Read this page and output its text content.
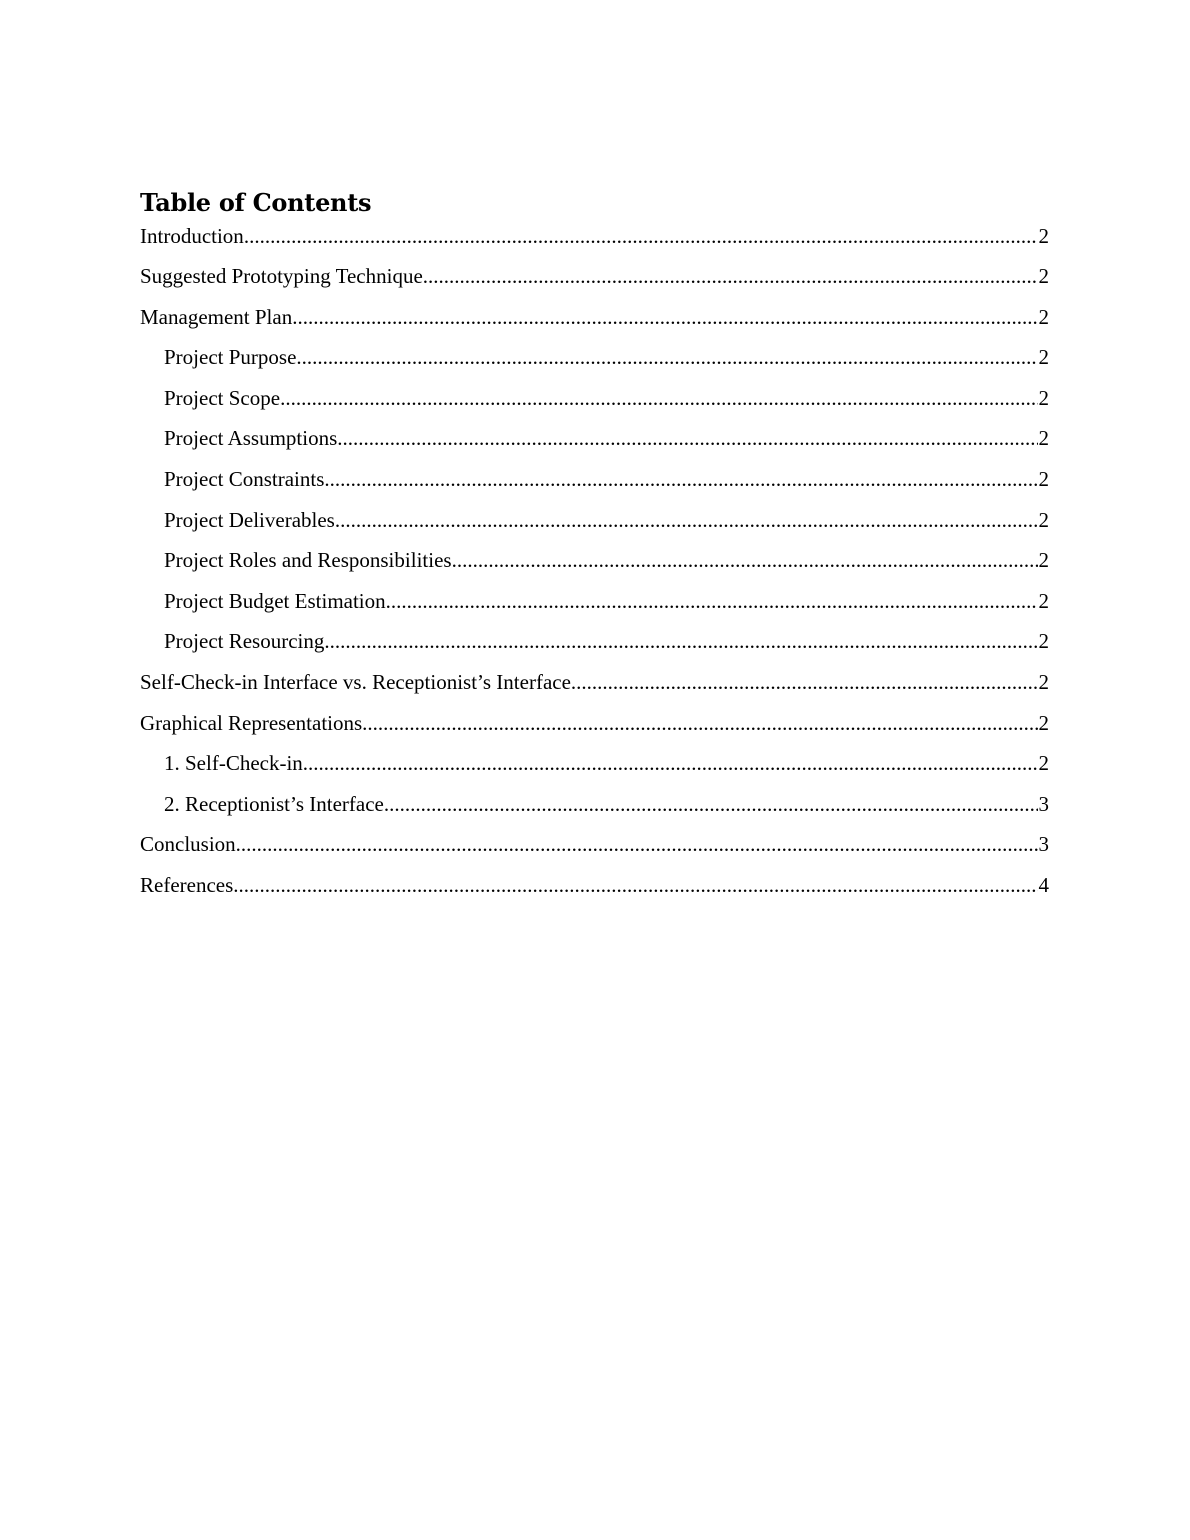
Table of Contents
Introduction .....	2
Suggested Prototyping Technique .....	2
Management Plan .....	2
Project Purpose .....	2
Project Scope .....	2
Project Assumptions .....	2
Project Constraints .....	2
Project Deliverables .....	2
Project Roles and Responsibilities .....	2
Project Budget Estimation .....	2
Project Resourcing .....	2
Self-Check-in Interface vs. Receptionist’s Interface .....	2
Graphical Representations .....	2
1. Self-Check-in .....	2
2. Receptionist’s Interface .....	3
Conclusion .....	3
References .....	4
